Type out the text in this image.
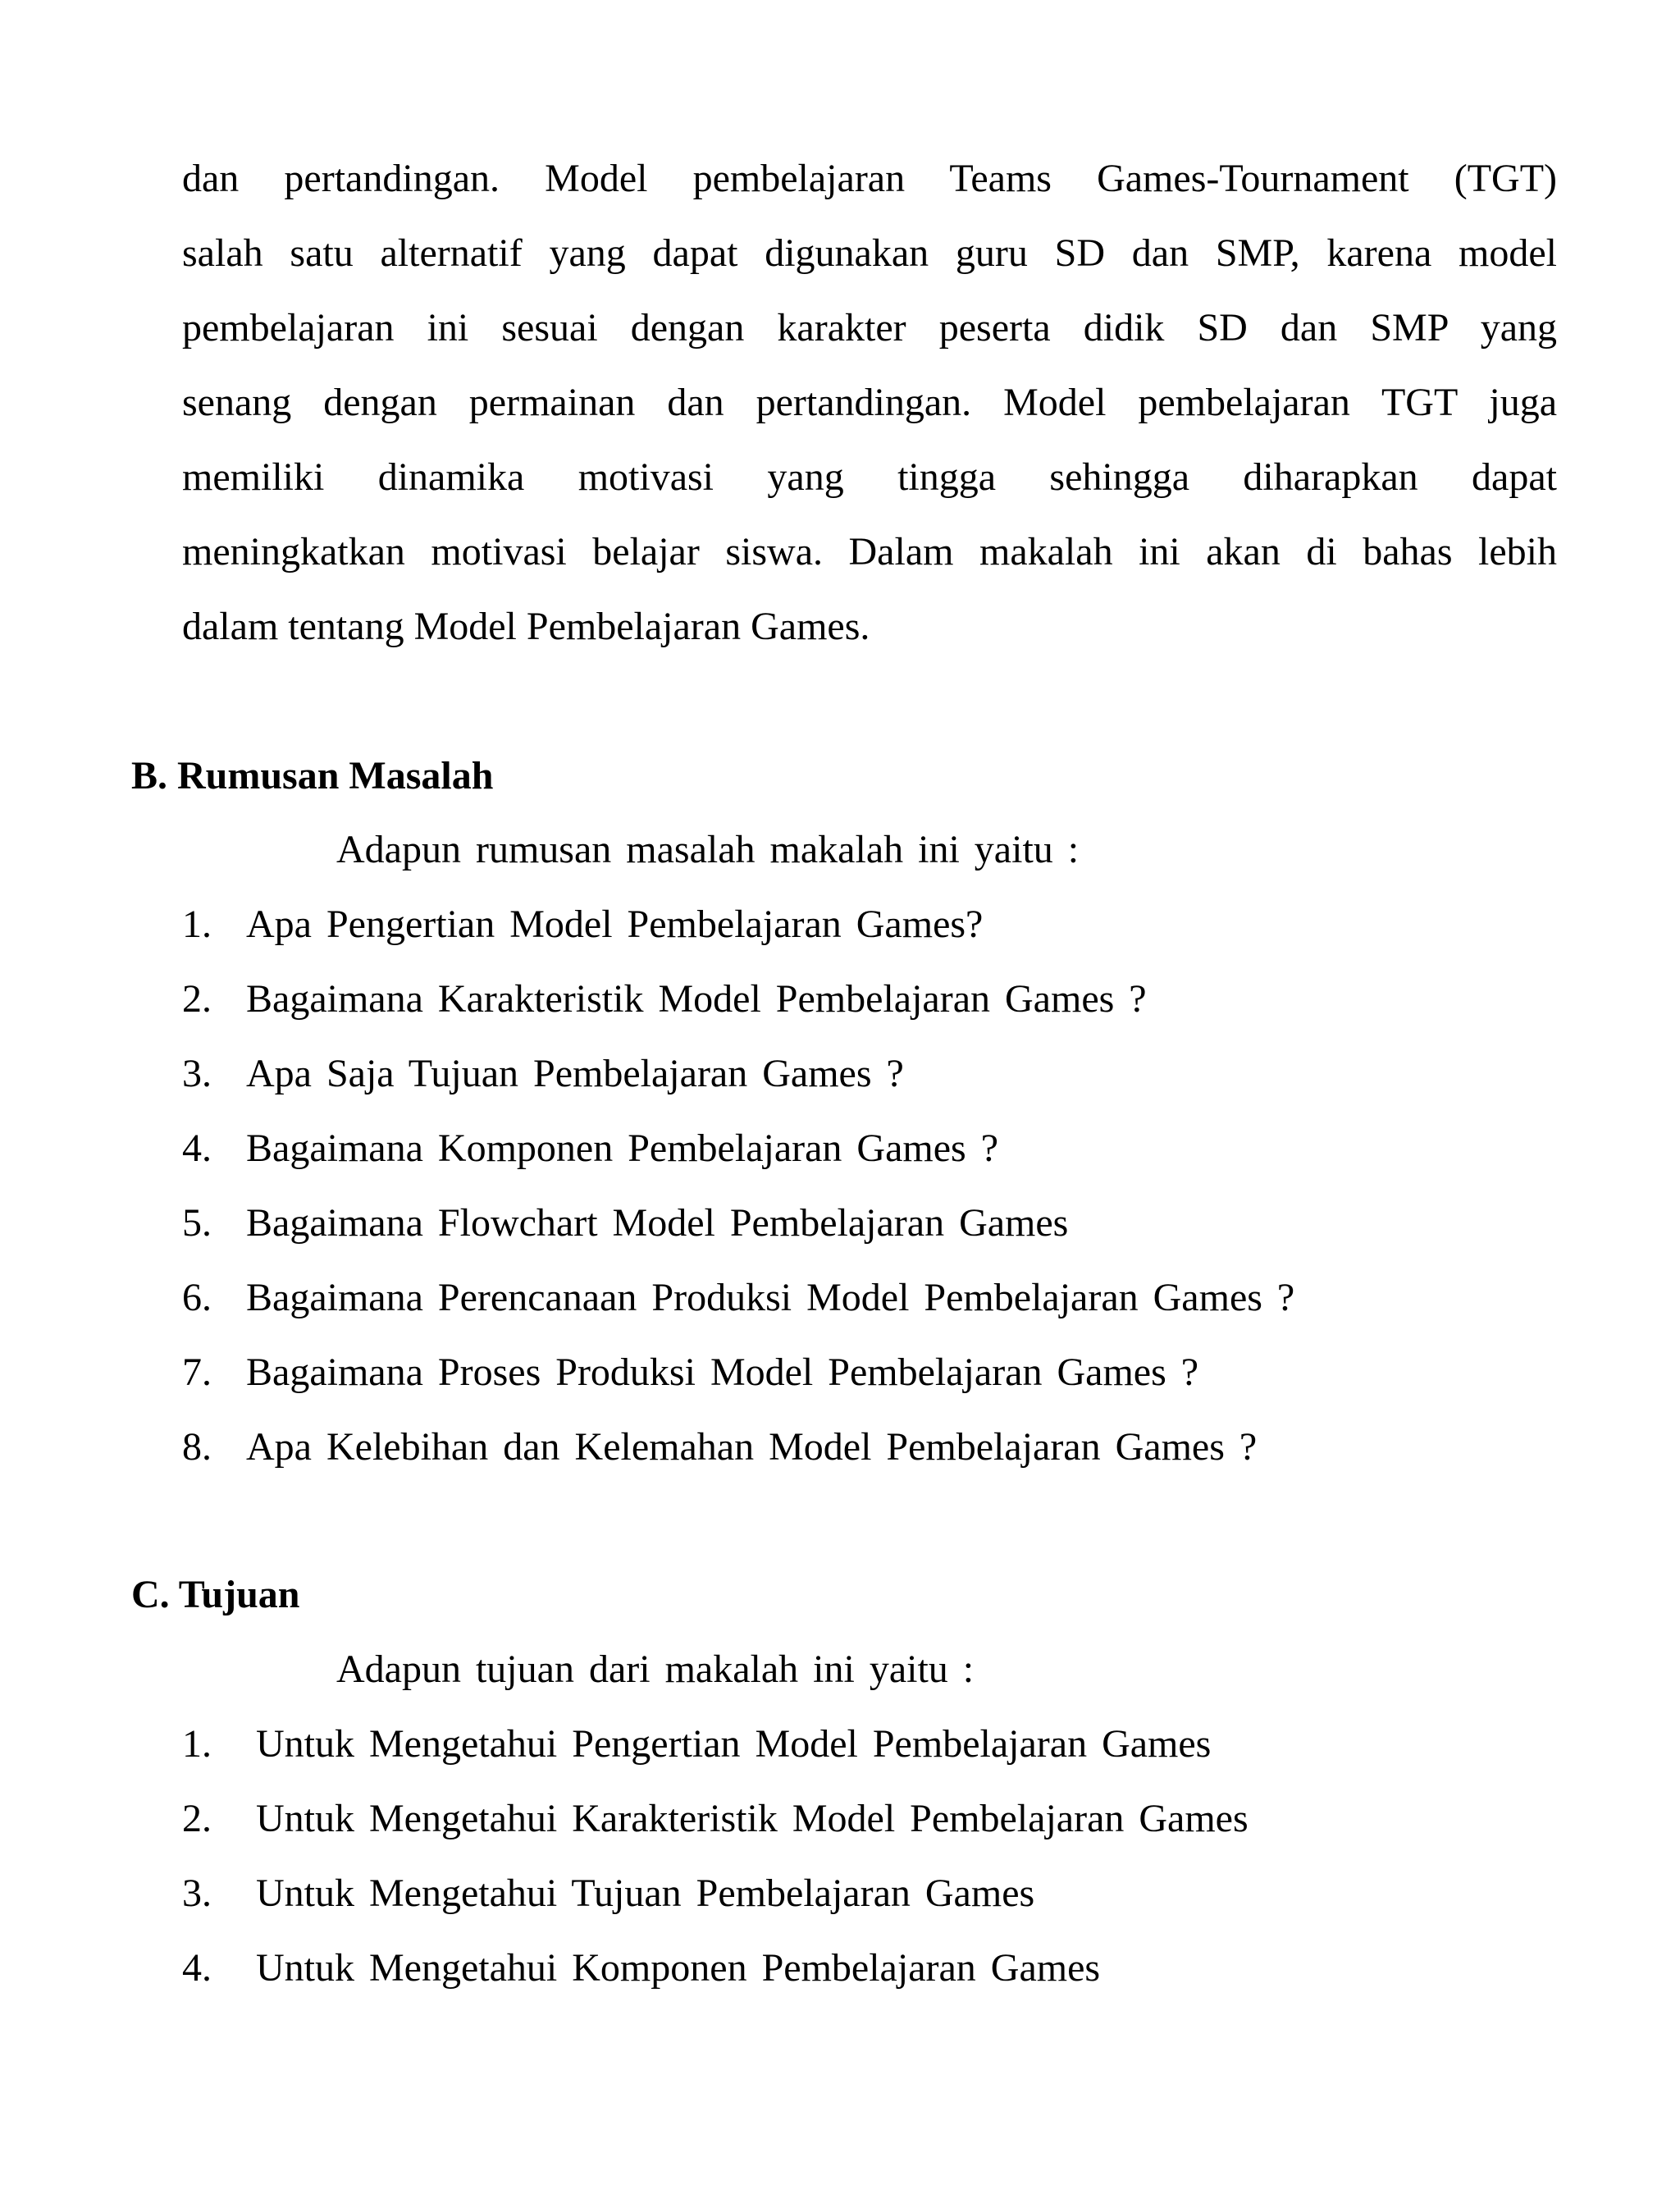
dan pertandingan. Model pembelajaran Teams Games-Tournament (TGT)
salah satu alternatif yang dapat digunakan guru SD dan SMP, karena model
pembelajaran ini sesuai dengan karakter peserta didik SD dan SMP yang
senang dengan permainan dan pertandingan. Model pembelajaran TGT juga
memiliki dinamika motivasi yang tingga sehingga diharapkan dapat
meningkatkan motivasi belajar siswa. Dalam makalah ini akan di bahas lebih
dalam tentang Model Pembelajaran Games.
B. Rumusan Masalah
Adapun rumusan masalah makalah ini yaitu :
1. Apa Pengertian Model Pembelajaran Games?
2. Bagaimana Karakteristik Model Pembelajaran Games ?
3. Apa Saja Tujuan Pembelajaran Games ?
4. Bagaimana Komponen Pembelajaran Games ?
5. Bagaimana Flowchart Model Pembelajaran Games
6. Bagaimana Perencanaan Produksi Model Pembelajaran Games ?
7. Bagaimana Proses Produksi Model Pembelajaran Games ?
8. Apa Kelebihan dan Kelemahan Model Pembelajaran Games ?
C. Tujuan
Adapun tujuan dari makalah ini yaitu :
1. Untuk Mengetahui Pengertian Model Pembelajaran Games
2. Untuk Mengetahui Karakteristik Model Pembelajaran Games
3. Untuk Mengetahui Tujuan Pembelajaran Games
4. Untuk Mengetahui Komponen Pembelajaran Games
